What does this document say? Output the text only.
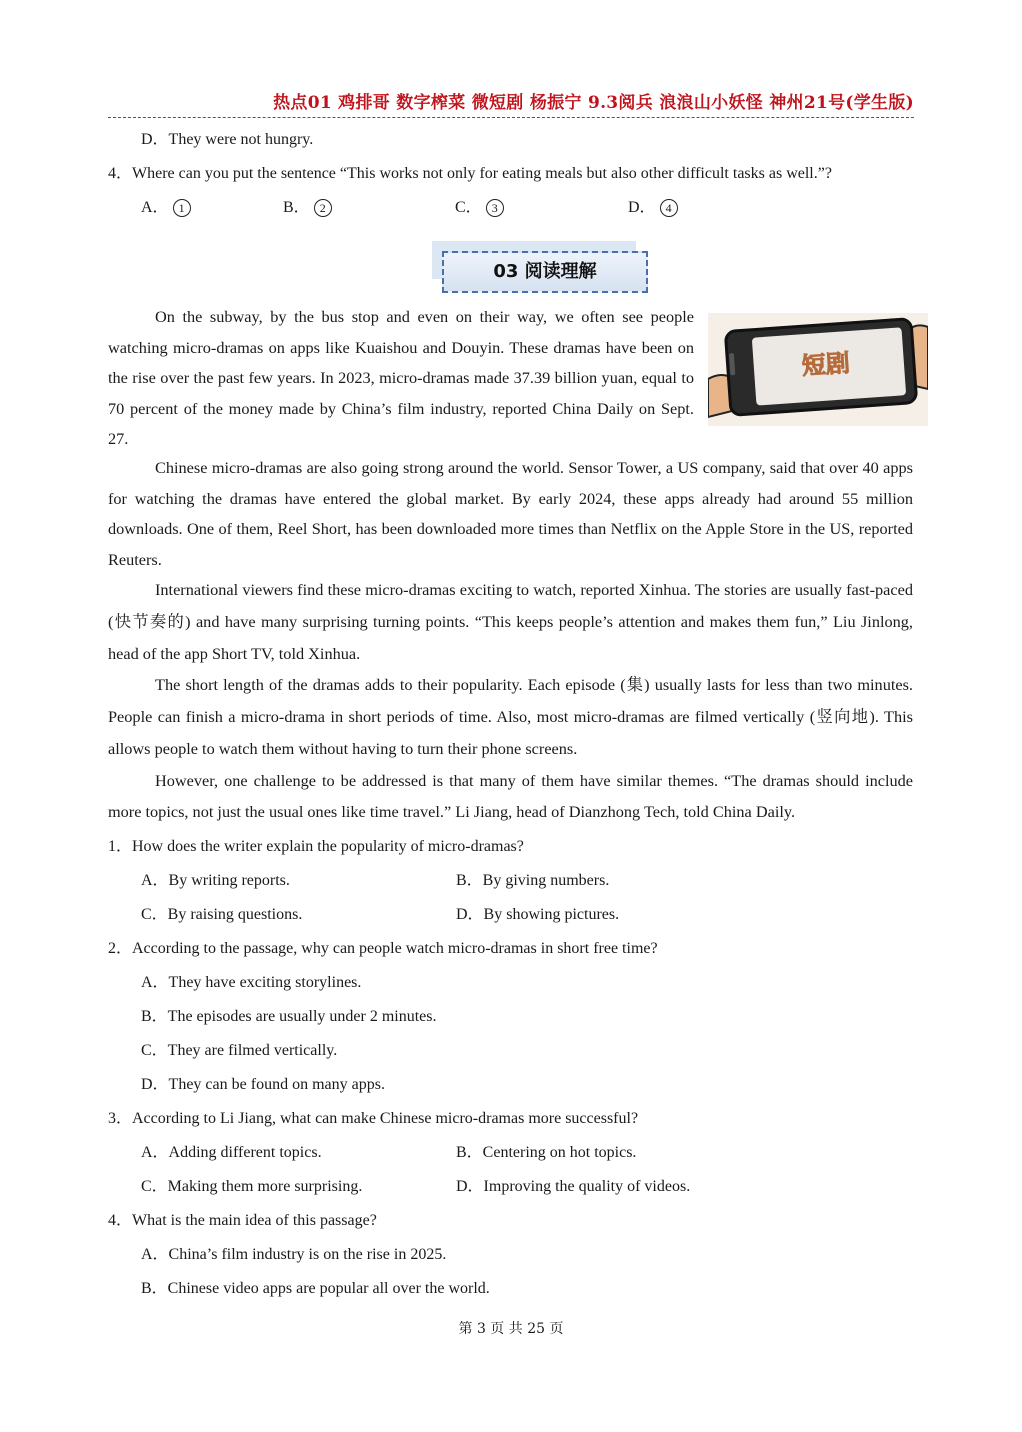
热点01 鸡排哥 数字榨菜 微短剧 杨振宁 9.3阅兵 浪浪山小妖怪 神州21号(学生版)
D．They were not hungry.
4．Where can you put the sentence “This works not only for eating meals but also other difficult tasks as well.”?
A． 1	B． 2	C． 3	D． 4
03 阅读理解
短剧
On the subway, by the bus stop and even on their way, we often see people watching micro-dramas on apps like Kuaishou and Douyin. These dramas have been on the rise over the past few years. In 2023, micro-dramas made 37.39 billion yuan, equal to 70 percent of the money made by China’s film industry, reported China Daily on Sept. 27.
Chinese micro-dramas are also going strong around the world. Sensor Tower, a US company, said that over 40 apps for watching the dramas have entered the global market. By early 2024, these apps already had around 55 million downloads. One of them, Reel Short, has been downloaded more times than Netflix on the Apple Store in the US, reported Reuters.
International viewers find these micro-dramas exciting to watch, reported Xinhua. The stories are usually fast-paced (快节奏的) and have many surprising turning points. “This keeps people’s attention and makes them fun,” Liu Jinlong, head of the app Short TV, told Xinhua.
The short length of the dramas adds to their popularity. Each episode (集) usually lasts for less than two minutes. People can finish a micro-drama in short periods of time. Also, most micro-dramas are filmed vertically (竖向地). This allows people to watch them without having to turn their phone screens.
However, one challenge to be addressed is that many of them have similar themes. “The dramas should include more topics, not just the usual ones like time travel.” Li Jiang, head of Dianzhong Tech, told China Daily.
1．How does the writer explain the popularity of micro-dramas?
A．By writing reports.	B．By giving numbers.
C．By raising questions.	D．By showing pictures.
2．According to the passage, why can people watch micro-dramas in short free time?
A．They have exciting storylines.
B．The episodes are usually under 2 minutes.
C．They are filmed vertically.
D．They can be found on many apps.
3．According to Li Jiang, what can make Chinese micro-dramas more successful?
A．Adding different topics.	B．Centering on hot topics.
C．Making them more surprising.	D．Improving the quality of videos.
4．What is the main idea of this passage?
A．China’s film industry is on the rise in 2025.
B．Chinese video apps are popular all over the world.
第 3 页 共 25 页
